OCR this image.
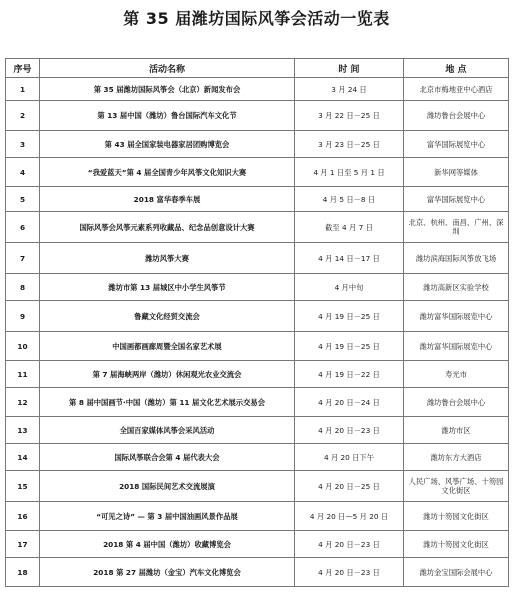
第 35 届潍坊国际风筝会活动一览表
序号	活动名称	时 间	地 点
1	第 35 届潍坊国际风筝会（北京）新闻发布会	3 月 24 日	北京市梅地亚中心酒店
2	第 13 届中国（潍坊）鲁台国际汽车文化节	3 月 22 日－25 日	潍坊鲁台会展中心
3	第 43 届全国家装电器家居团购博览会	3 月 23 日－25 日	富华国际展览中心
4	“我爱蓝天”第 4 届全国青少年风筝文化知识大赛	4 月 1 日至 5 月 1 日	新华网等媒体
5	2018 富华春季车展	4 月 5 日－8 日	富华国际展览中心
6	国际风筝会风筝元素系列收藏品、纪念品创意设计大赛	截至 4 月 7 日	北京、杭州、南昌、广州、深圳
7	潍坊风筝大赛	4 月 14 日－17 日	潍坊滨海国际风筝放飞场
8	潍坊市第 13 届城区中小学生风筝节	4 月中旬	潍坊高新区实验学校
9	鲁藏文化经贸交流会	4 月 19 日－25 日	潍坊富华国际展览中心
10	中国画都画廊周暨全国名家艺术展	4 月 19 日－25 日	潍坊富华国际展览中心
11	第 7 届海峡两岸（潍坊）休闲观光农业交流会	4 月 19 日－22 日	寿光市
12	第 8 届中国画节·中国（潍坊）第 11 届文化艺术展示交易会	4 月 20 日－24 日	潍坊鲁台会展中心
13	全国百家媒体风筝会采风活动	4 月 20 日－23 日	潍坊市区
14	国际风筝联合会第 4 届代表大会	4 月 20 日下午	潍坊东方大酒店
15	2018 国际民间艺术交流展演	4 月 20 日－25 日	人民广场、风筝广场、十笏园文化街区
16	“可见之诗” — 第 3 届中国油画风景作品展	4 月 20 日—5 月 20 日	潍坊十笏园文化街区
17	2018 第 4 届中国（潍坊）收藏博览会	4 月 20 日－23 日	潍坊十笏园文化街区
18	2018 第 27 届潍坊（金宝）汽车文化博览会	4 月 20 日－23 日	潍坊金宝国际会展中心
